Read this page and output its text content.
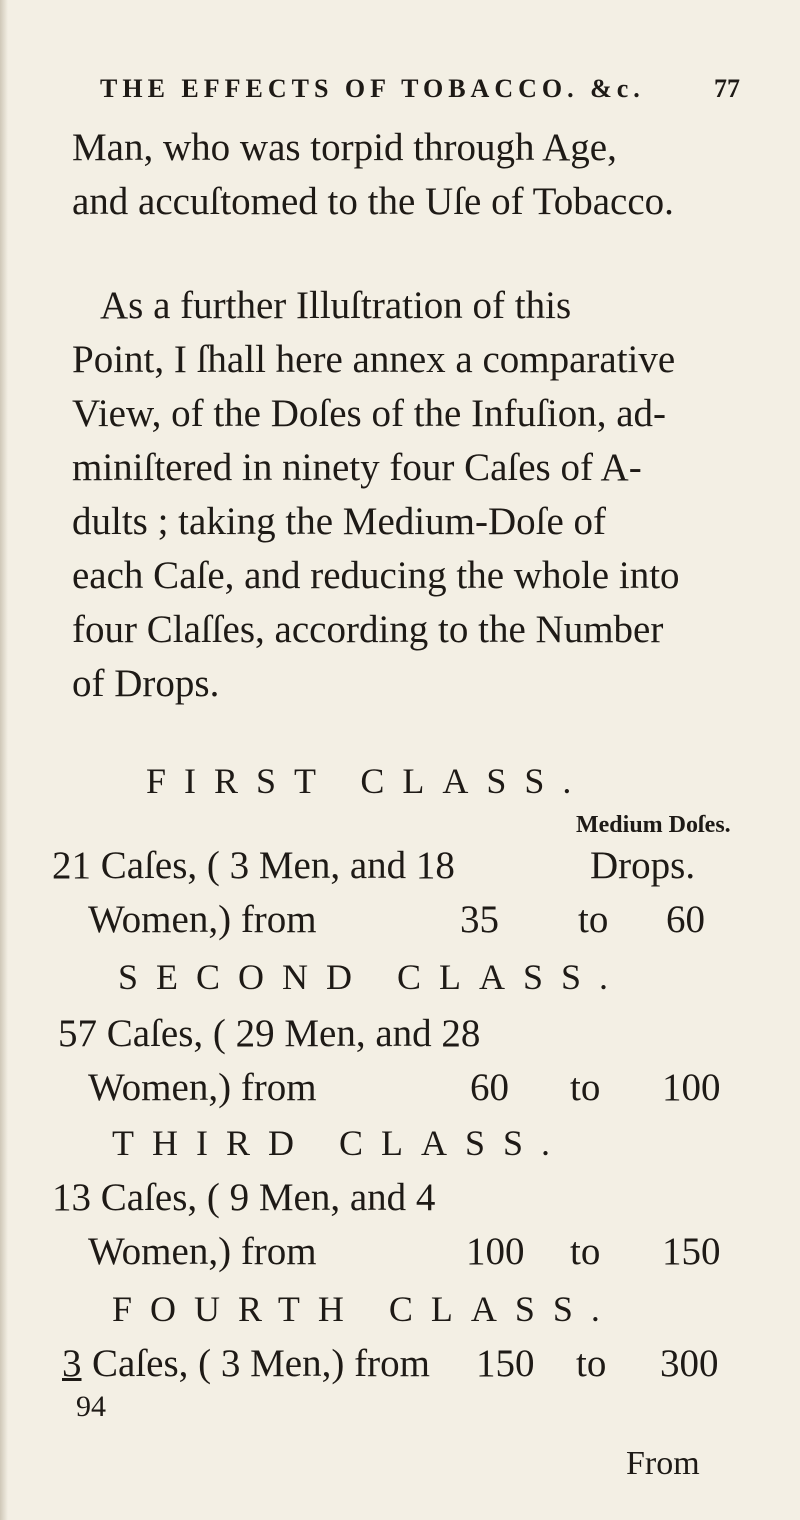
THE EFFECTS OF TOBACCO. &c.	77
Man, who was torpid through Age,
and accuſtomed to the Uſe of Tobacco.
As a further Illuſtration of this
Point, I ſhall here annex a comparative
View, of the Doſes of the Infuſion, ad-
miniſtered in ninety four Caſes of A-
dults ; taking the Medium-Doſe of
each Caſe, and reducing the whole into
four Claſſes, according to the Number
of Drops.
FIRST CLASS.
Medium Doſes.
21 Caſes, ( 3 Men, and 18	Drops.
Women,) from	35 to 60
SECOND CLASS.
57 Caſes, ( 29 Men, and 28
Women,) from	60 to 100
THIRD CLASS.
13 Caſes, ( 9 Men, and 4
Women,) from	100 to 150
FOURTH CLASS.
3 Caſes, ( 3 Men,) from 150 to 300
94
From
